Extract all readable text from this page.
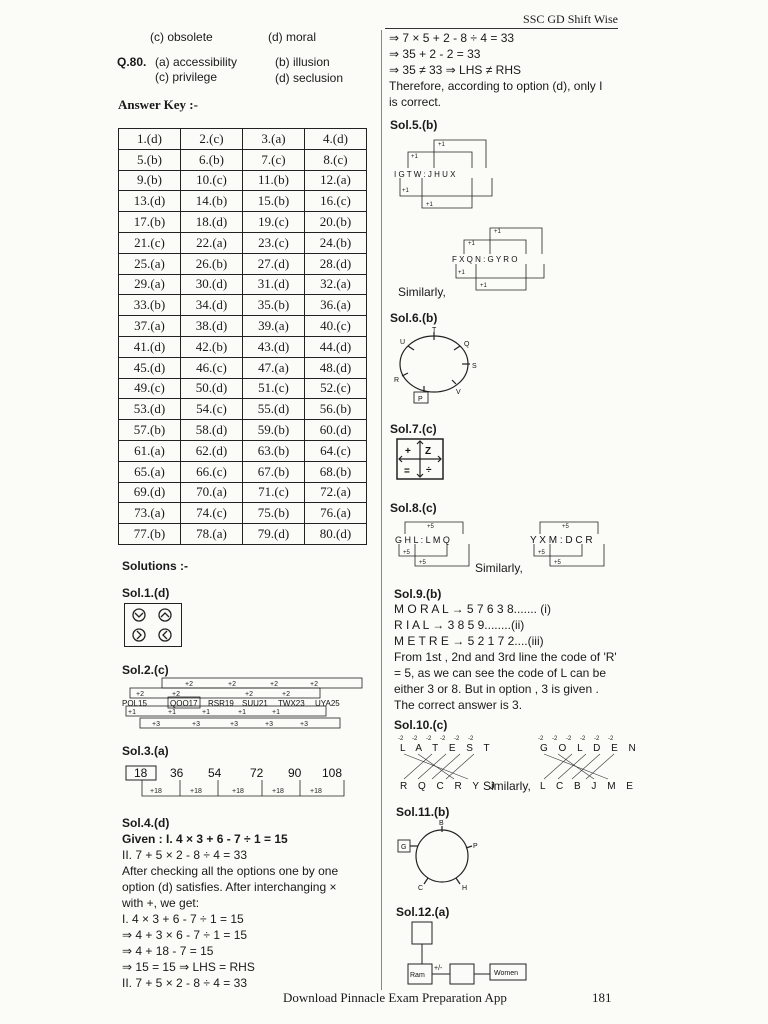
SSC GD Shift Wise
(c) obsolete	(d) moral
Q.80. (a) accessibility	(b) illusion
(c) privilege	(d) seclusion
Answer Key :-
1.(d)	2.(c)	3.(a)	4.(d)
5.(b)	6.(b)	7.(c)	8.(c)
9.(b)	10.(c)	11.(b)	12.(a)
13.(d)	14.(b)	15.(b)	16.(c)
17.(b)	18.(d)	19.(c)	20.(b)
21.(c)	22.(a)	23.(c)	24.(b)
25.(a)	26.(b)	27.(d)	28.(d)
29.(a)	30.(d)	31.(d)	32.(a)
33.(b)	34.(d)	35.(b)	36.(a)
37.(a)	38.(d)	39.(a)	40.(c)
41.(d)	42.(b)	43.(d)	44.(d)
45.(d)	46.(c)	47.(a)	48.(d)
49.(c)	50.(d)	51.(c)	52.(c)
53.(d)	54.(c)	55.(d)	56.(b)
57.(b)	58.(d)	59.(b)	60.(d)
61.(a)	62.(d)	63.(b)	64.(c)
65.(a)	66.(c)	67.(b)	68.(b)
69.(d)	70.(a)	71.(c)	72.(a)
73.(a)	74.(c)	75.(b)	76.(a)
77.(b)	78.(a)	79.(d)	80.(d)
Solutions :-
Sol.1.(d)
Sol.2.(c)
+2	+2	+2	+2
+2	+2	+2	+2
+1	+1	+1	+1	+1
+3	+3	+3	+3	+3
POL15	QOO17 RSR19 SUU21 TWX23 UYA25
Sol.3.(a)
18 36 54 72 90 108
+18	+18	+18	+18	+18
Sol.4.(d)
Given : I. 4 × 3 + 6 - 7 ÷ 1 = 15
II. 7 + 5 × 2 - 8 ÷ 4 = 33
After checking all the options one by one
option (d) satisfies. After interchanging ×
with +, we get:
I. 4 × 3 + 6 - 7 ÷ 1 = 15
⇒ 4 + 3 × 6 - 7 ÷ 1 = 15
⇒ 4 + 18 - 7 = 15
⇒ 15 = 15 ⇒ LHS = RHS
II. 7 + 5 × 2 - 8 ÷ 4 = 33
⇒ 7 × 5 + 2 - 8 ÷ 4 = 33
⇒ 35 + 2 - 2 = 33
⇒ 35 ≠ 33 ⇒ LHS ≠ RHS
Therefore, according to option (d), only I
is correct.
Sol.5.(b)
+1
+1
+1
+1
I G T W : J H U X
+1
+1
+1
+1
F X Q N : G Y R O
Similarly,
Sol.6.(b)
T
U	Q
S
R
V
P
Sol.7.(c)
+ Z
= ÷
Sol.8.(c)
+5
+5
+5
G H L : L M Q
Similarly,
+5
+5
+5
Y X M : D C R
Sol.9.(b)
M O R A L → 5 7 6 3 8....... (i)
R I A L → 3 8 5 9........(ii)
M E T R E → 5 2 1 7 2....(iii)
From 1st , 2nd and 3rd line the code of 'R'
= 5, as we can see the code of L can be
either 3 or 8. But in option , 3 is given .
The correct answer is 3.
Sol.10.(c)
-2 -2 -2 -2 -2 -2
L A T E S T
R Q C R Y J
Similarly,
-2 -2 -2 -2 -2 -2
G O L D E N
L C B J M E
Sol.11.(b)
B
G	P
C	H
Sol.12.(a)
Ram
+/-
Women
Download Pinnacle Exam Preparation App	181
